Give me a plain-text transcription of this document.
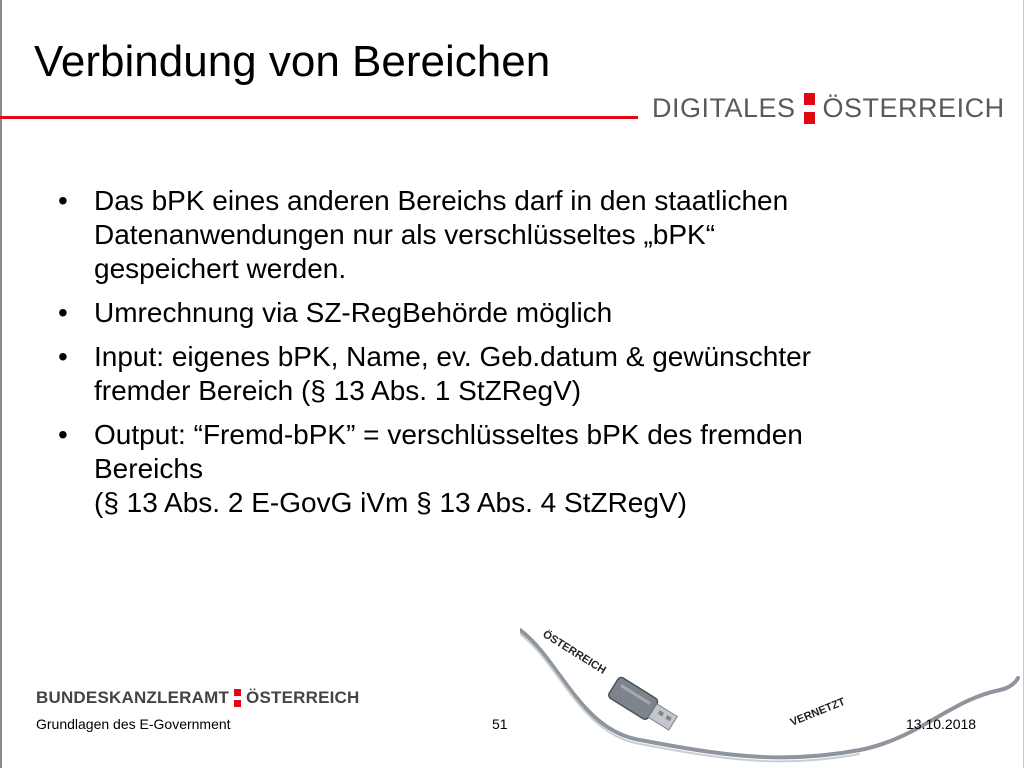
Verbindung von Bereichen
DIGITALES ÖSTERREICH
• Das bPK eines anderen Bereichs darf in den staatlichen
Datenanwendungen nur als verschlüsseltes „bPK“
gespeichert werden.
• Umrechnung via SZ-RegBehörde möglich
• Input: eigenes bPK, Name, ev. Geb.datum & gewünschter
fremder Bereich (§ 13 Abs. 1 StZRegV)
• Output: “Fremd-bPK” = verschlüsseltes bPK des fremden
Bereichs
(§ 13 Abs. 2 E-GovG iVm § 13 Abs. 4 StZRegV)
ÖSTERREICH
VERNETZT
BUNDESKANZLERAMT ÖSTERREICH
Grundlagen des E-Government	51	13.10.2018
